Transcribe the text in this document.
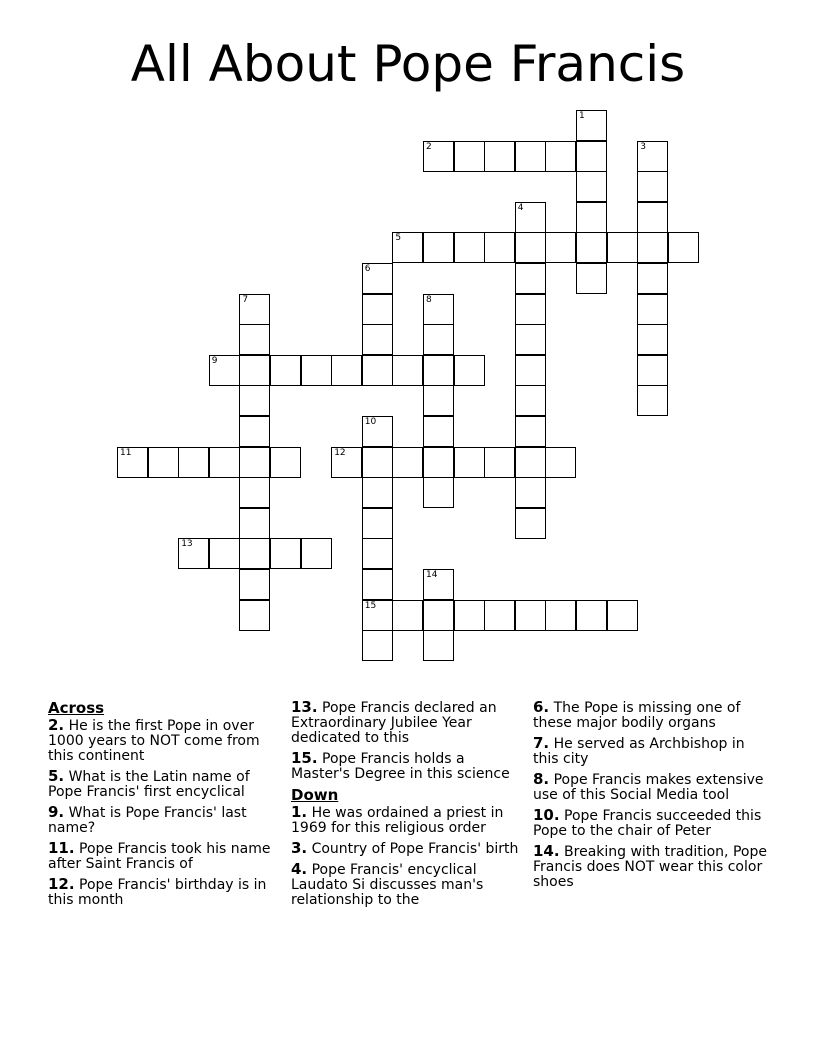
All About Pope Francis
1
2	3
4
5
6
7	8
9
10
15
11	12
13
14
Across
2. He is the first Pope in over 1000 years to NOT come from this continent
5. What is the Latin name of Pope Francis' first encyclical
9. What is Pope Francis' last name?
11. Pope Francis took his name after Saint Francis of
12. Pope Francis' birthday is in this month
13. Pope Francis declared an Extraordinary Jubilee Year dedicated to this
15. Pope Francis holds a Master's Degree in this science
Down
1. He was ordained a priest in 1969 for this religious order
3. Country of Pope Francis' birth
4. Pope Francis' encyclical Laudato Si discusses man's relationship to the
6. The Pope is missing one of these major bodily organs
7. He served as Archbishop in this city
8. Pope Francis makes extensive use of this Social Media tool
10. Pope Francis succeeded this Pope to the chair of Peter
14. Breaking with tradition, Pope Francis does NOT wear this color shoes
